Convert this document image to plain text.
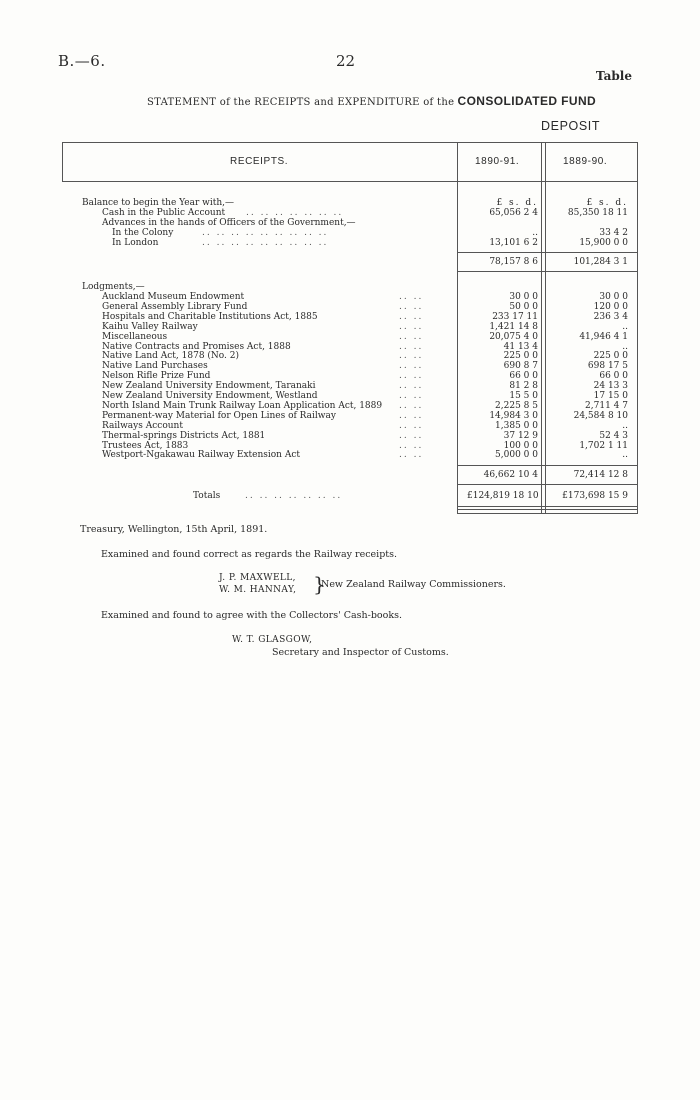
B.—6.	22
Table
STATEMENT of the RECEIPTS and EXPENDITURE of the CONSOLIDATED FUND
DEPOSIT
RECEIPTS.	1890-91.	1889-90.
£ s. d.	£ s. d.
Balance to begin the Year with,—
Cash in the Public Account .. .. .. .. .. .. ..	65,056 2 4	85,350 18 11
Advances in the hands of Officers of the Government,—
In the Colony	.. .. .. .. .. .. .. .. ..	..	33 4 2
In London	.. .. .. .. .. .. .. .. ..	13,101 6 2	15,900 0 0
78,157 8 6	101,284 3 1
Lodgments,—
Auckland Museum Endowment	.. ..	30 0 0	30 0 0
General Assembly Library Fund	.. ..	50 0 0	120 0 0
Hospitals and Charitable Institutions Act, 1885	.. ..	233 17 11	236 3 4
Kaihu Valley Railway	.. ..	1,421 14 8	..
Miscellaneous	.. ..	20,075 4 0	41,946 4 1
Native Contracts and Promises Act, 1888	.. ..	41 13 4	..
Native Land Act, 1878 (No. 2)	.. ..	225 0 0	225 0 0
Native Land Purchases	.. ..	690 8 7	698 17 5
Nelson Rifle Prize Fund	.. ..	66 0 0	66 0 0
New Zealand University Endowment, Taranaki	.. ..	81 2 8	24 13 3
New Zealand University Endowment, Westland	.. ..	15 5 0	17 15 0
North Island Main Trunk Railway Loan Application Act, 1889 .. ..	2,225 8 5	2,711 4 7
Permanent-way Material for Open Lines of Railway	.. ..	14,984 3 0	24,584 8 10
Railways Account	.. ..	1,385 0 0	..
Thermal-springs Districts Act, 1881	.. ..	37 12 9	52 4 3
Trustees Act, 1883	.. ..	100 0 0	1,702 1 11
Westport-Ngakawau Railway Extension Act	.. ..	5,000 0 0	..
46,662 10 4	72,414 12 8
Totals	.. .. .. .. .. .. ..	£124,819 18 10	£173,698 15 9
Treasury, Wellington, 15th April, 1891.
Examined and found correct as regards the Railway receipts.
J. P. MAXWELL,
W. M. HANNAY, }
New Zealand Railway Commissioners.
Examined and found to agree with the Collectors' Cash-books.
W. T. GLASGOW,
Secretary and Inspector of Customs.
